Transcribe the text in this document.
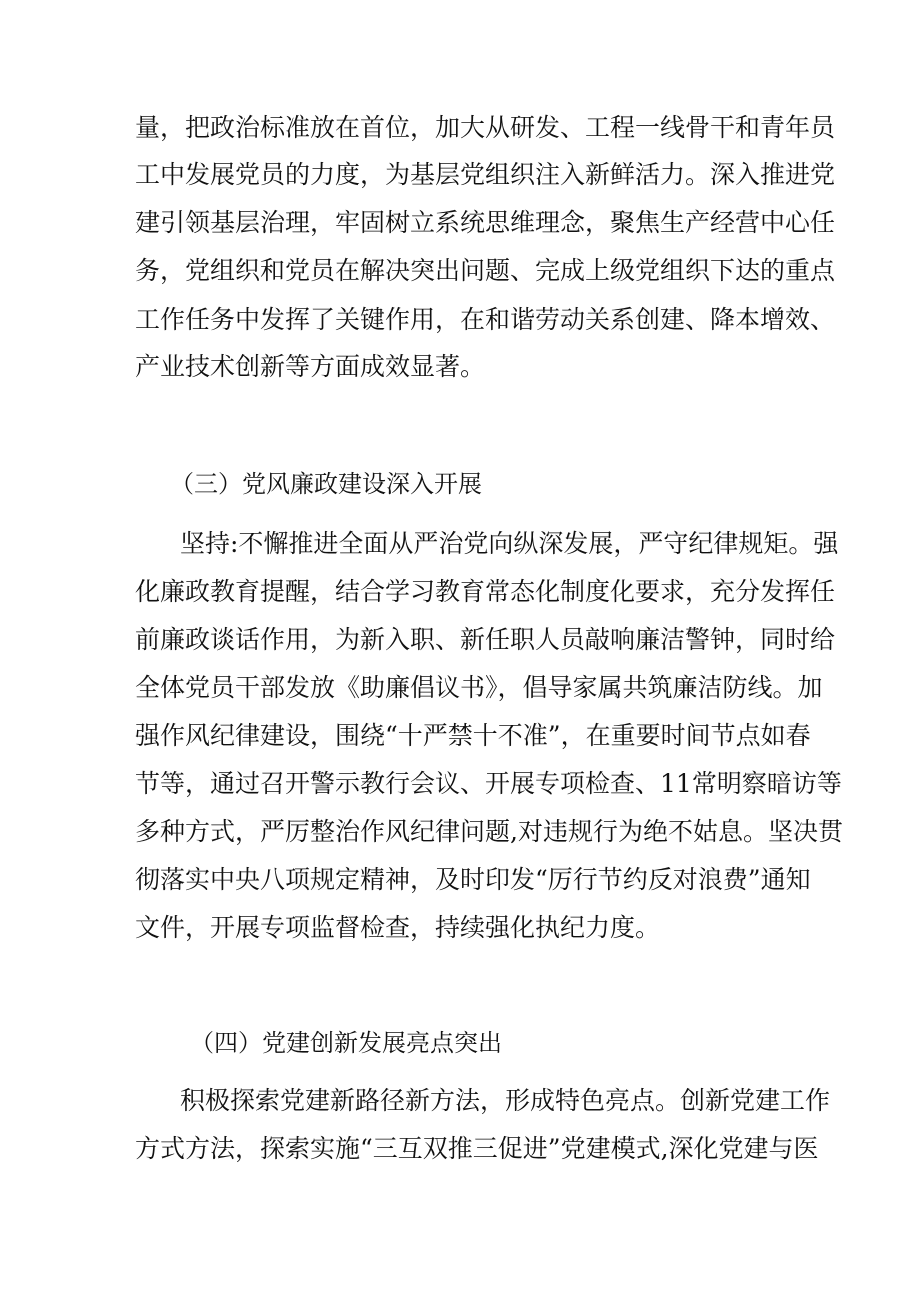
量，把政治标准放在首位，加大从研发、工程一线骨干和青年员
工中发展党员的力度，为基层党组织注入新鲜活力。深入推进党
建引领基层治理，牢固树立系统思维理念，聚焦生产经营中心任
务，党组织和党员在解决突出问题、完成上级党组织下达的重点
工作任务中发挥了关键作用，在和谐劳动关系创建、降本增效、
产业技术创新等方面成效显著。
（三）党风廉政建设深入开展
坚持:不懈推进全面从严治党向纵深发展，严守纪律规矩。强
化廉政教育提醒，结合学习教育常态化制度化要求，充分发挥任
前廉政谈话作用，为新入职、新任职人员敲响廉洁警钟，同时给
全体党员干部发放《助廉倡议书》，倡导家属共筑廉洁防线。加
强作风纪律建设，围绕“十严禁十不准”，在重要时间节点如春
节等，通过召开警示教行会议、开展专项检查、11常明察暗访等
多种方式，严厉整治作风纪律问题,对违规行为绝不姑息。坚决贯
彻落实中央八项规定精神，及时印发“厉行节约反对浪费”通知
文件，开展专项监督检查，持续强化执纪力度。
（四）党建创新发展亮点突出
积极探索党建新路径新方法，形成特色亮点。创新党建工作
方式方法，探索实施“三互双推三促进”党建模式,深化党建与医
